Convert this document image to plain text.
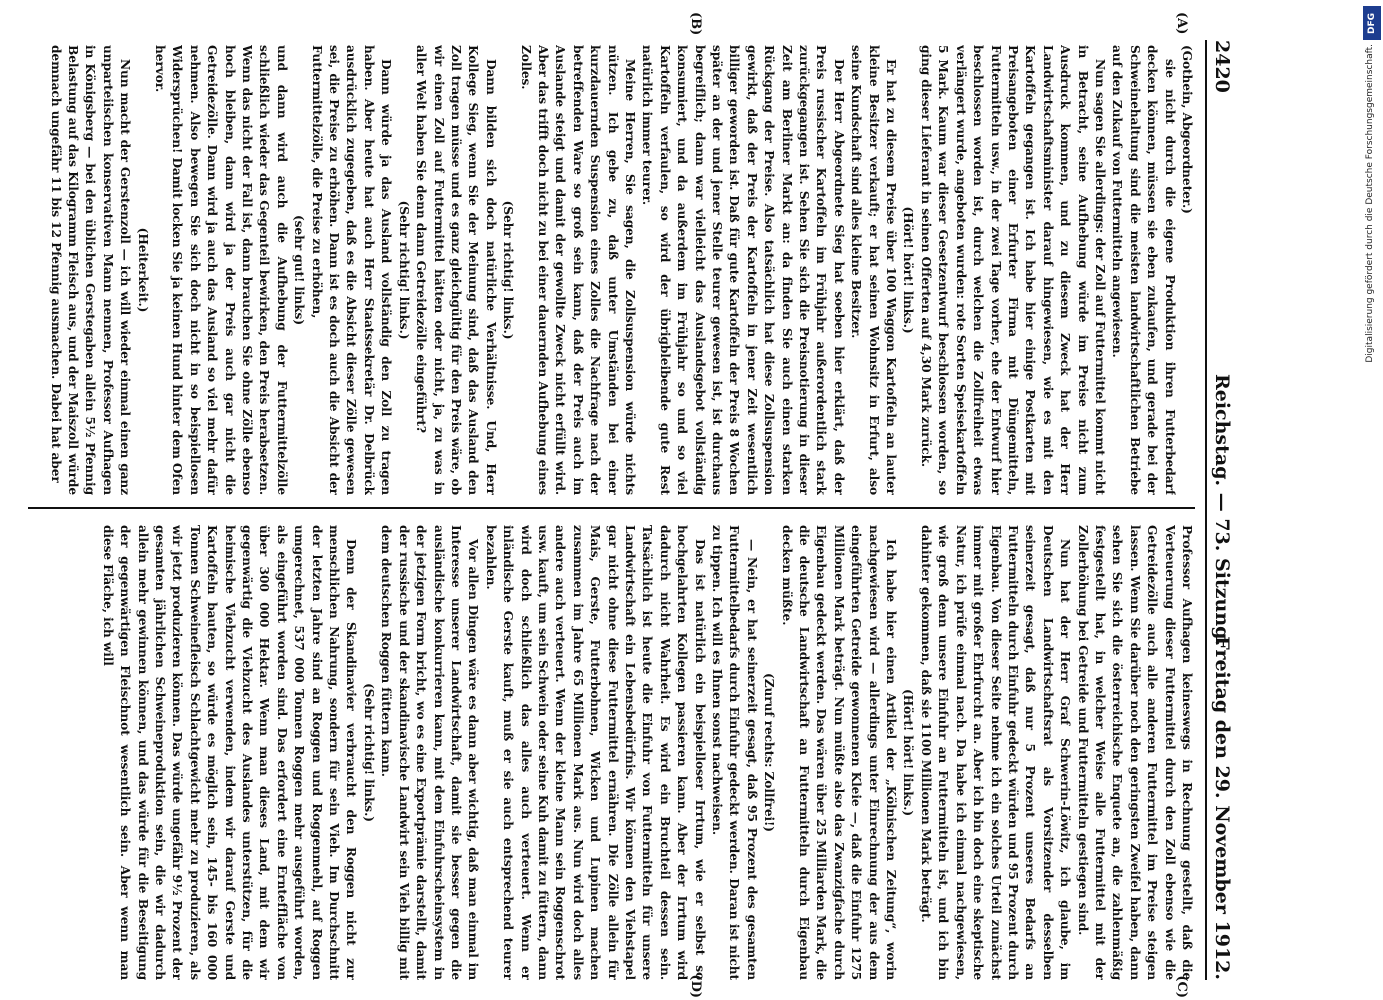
2420
Reichstag. — 73. Sitzung.
Freitag den 29. November 1912.
(A)
(B)
(C)
(D)

(Gothein, Abgeordneter.)

sie nicht durch die eigene Produktion ihren Futterbedarf decken können, müssen sie eben zukaufen, und gerade bei der Schweinehaltung sind die meisten landwirtschaftlichen Betriebe auf den Zukauf von Futtermitteln angewiesen.

Nun sagen Sie allerdings: der Zoll auf Futtermittel kommt nicht in Betracht, seine Aufhebung würde im Preise nicht zum Ausdruck kommen, und zu diesem Zweck hat der Herr Landwirtschaftsminister darauf hingewiesen, wie es mit den Kartoffeln gegangen ist. Ich habe hier einige Postkarten mit Preisangeboten einer Erfurter Firma mit Düngemitteln, Futtermitteln usw., in der zwei Tage vorher, ehe der Entwurf hier beschlossen worden ist, durch welchen die Zollfreiheit etwas verlängert wurde, angeboten wurden: rote Sorten Speisekartoffeln 5 Mark. Kaum war dieser Gesetzentwurf beschlossen worden, so ging dieser Lieferant in seinen Offerten auf 4,30 Mark zurück.

(Hört! hört! links.)

Er hat zu diesem Preise über 100 Waggon Kartoffeln an lauter kleine Besitzer verkauft; er hat seinen Wohnsitz in Erfurt, also seine Kundschaft sind alles kleine Besitzer.

Der Herr Abgeordnete Sieg hat soeben hier erklärt, daß der Preis russischer Kartoffeln im Frühjahr außerordentlich stark zurückgegangen ist. Sehen Sie sich die Preisnotierung in dieser Zeit am Berliner Markt an: da finden Sie auch einen starken Rückgang der Preise. Also tatsächlich hat diese Zollsuspension gewirkt, daß der Preis der Kartoffeln in jener Zeit wesentlich billiger geworden ist. Daß für gute Kartoffeln der Preis 8 Wochen später an der und jener Stelle teurer gewesen ist, ist durchaus begreiflich; dann war vielleicht das Auslandsgebot vollständig konsumiert, und da außerdem im Frühjahr so und so viel Kartoffeln verfaulen, so wird der übrigbleibende gute Rest natürlich immer teurer.

Meine Herren, Sie sagen, die Zollsuspension würde nichts nützen. Ich gebe zu, daß unter Umständen bei einer kurzdauernden Suspension eines Zolles die Nachfrage nach der betreffenden Ware so groß sein kann, daß der Preis auch im Auslande steigt und damit der gewollte Zweck nicht erfüllt wird. Aber das trifft doch nicht zu bei einer dauernden Aufhebung eines Zolles.

(Sehr richtig! links.)

Dann bilden sich doch natürliche Verhältnisse. Und, Herr Kollege Sieg, wenn Sie der Meinung sind, daß das Ausland den Zoll tragen müsse und es ganz gleichgültig für den Preis wäre, ob wir einen Zoll auf Futtermittel hätten oder nicht, ja, zu was in aller Welt haben Sie denn dann Getreidezölle eingeführt?

(Sehr richtig! links.)

Dann würde ja das Ausland vollständig den Zoll zu tragen haben. Aber heute hat auch Herr Staatssekretär Dr. Delbrück ausdrücklich zugegeben, daß es die Absicht dieser Zölle gewesen sei, die Preise zu erhöhen. Dann ist es doch auch die Absicht der Futtermittelzölle, die Preise zu erhöhen,

(sehr gut! links)

und dann wird auch die Aufhebung der Futtermittelzölle schließlich wieder das Gegenteil bewirken, den Preis herabsetzen. Wenn das nicht der Fall ist, dann brauchen Sie ohne Zölle ebenso hoch bleiben, dann wird ja der Preis auch gar nicht die Getreidezölle. Dann wird ja auch das Ausland so viel mehr dafür nehmen. Also bewegen Sie sich doch nicht in so beispiellosen Widersprüchen! Damit locken Sie ja keinen Hund hinter dem Ofen hervor.

(Heiterkeit.)

Nun macht der Gerstenzoll — ich will wieder einmal einen ganz unparteiischen konservativen Mann nennen, Professor Aufhagen in Königsberg — bei den üblichen Gerstegaben allein 5½ Pfennig Belastung auf das Kilogramm Fleisch aus, und der Maiszoll würde demnach ungefähr 11 bis 12 Pfennig ausmachen. Dabei hat aber

Professor Aufhagen keineswegs in Rechnung gestellt, daß die Verteuerung dieser Futtermittel durch den Zoll ebenso wie die Getreidezölle auch alle anderen Futtermittel im Preise steigen lassen. Wenn Sie darüber noch den geringsten Zweifel haben, dann sehen Sie sich die österreichische Enquete an, die zahlenmäßig festgestellt hat, in welcher Weise alle Futtermittel mit der Zollerhöhung bei Getreide und Futtermitteln gestiegen sind.

Nun hat der Herr Graf Schwerin-Löwitz, ich glaube, im Deutschen Landwirtschaftsrat als Vorsitzender desselben seinerzeit gesagt, daß nur 5 Prozent unseres Bedarfs an Futtermitteln durch Einfuhr gedeckt würden und 95 Prozent durch Eigenbau. Von dieser Seite nehme ich ein solches Urteil zunächst immer mit großer Ehrfurcht an. Aber ich bin doch eine skeptische Natur, ich prüfe einmal nach. Da habe ich einmal nachgewiesen, wie groß denn unsere Einfuhr an Futtermitteln ist, und ich bin dahinter gekommen, daß sie 1100 Millionen Mark beträgt.

(Hört! hört! links.)

Ich habe hier einen Artikel der „Kölnischen Zeitung“, worin nachgewiesen wird — allerdings unter Einrechnung der aus dem eingeführten Getreide gewonnenen Kleie —, daß die Einfuhr 1275 Millionen Mark beträgt. Nun müßte also das Zwanzigfache durch Eigenbau gedeckt werden. Das wären über 25 Milliarden Mark, die die deutsche Landwirtschaft an Futtermitteln durch Eigenbau decken müßte.

(Zuruf rechts: Zollfrei!)

— Nein, er hat seinerzeit gesagt, daß 95 Prozent des gesamten Futtermittelbedarfs durch Einfuhr gedeckt werden. Daran ist nicht zu tippen. Ich will es Ihnen sonst nachweisen.

Das ist natürlich ein beispielloser Irrtum, wie er selbst so hochgelahrten Kollegen passieren kann. Aber der Irrtum wird dadurch nicht Wahrheit. Es wird ein Bruchteil dessen sein. Tatsächlich ist heute die Einfuhr von Futtermitteln für unsere Landwirtschaft ein Lebensbedürfnis. Wir können den Viehstapel gar nicht ohne diese Futtermittel ernähren. Die Zölle allein für Mais, Gerste, Futterbohnen, Wicken und Lupinen machen zusammen im Jahre 65 Millionen Mark aus. Nun wird doch alles andere auch verteuert. Wenn der kleine Mann sein Roggenschrot usw. kauft, um sein Schwein oder seine Kuh damit zu füttern, dann wird doch schließlich das alles auch verteuert. Wenn er inländische Gerste kauft, muß er sie auch entsprechend teurer bezahlen.

Vor allen Dingen wäre es dann aber wichtig, daß man einmal im Interesse unserer Landwirtschaft, damit sie besser gegen die ausländische konkurrieren kann, mit dem Einfuhrscheinsystem in der jetzigen Form bricht, wo es eine Exportprämie darstellt, damit der russische und der skandinavische Landwirt sein Vieh billig mit dem deutschen Roggen füttern kann.

(Sehr richtig! links.)

Denn der Skandinavier verbraucht den Roggen nicht zur menschlichen Nahrung, sondern für sein Vieh. Im Durchschnitt der letzten Jahre sind an Roggen und Roggenmehl, auf Roggen umgerechnet, 537 000 Tonnen Roggen mehr ausgeführt worden, als eingeführt worden sind. Das erfordert eine Ernteffläche von über 300 000 Hektar. Wenn man dieses Land, mit dem wir gegenwärtig die Viehzucht des Auslandes unterstützen, für die heimische Viehzucht verwenden, indem wir darauf Gerste und Kartoffeln bauten, so würde es möglich sein, 145- bis 160 000 Tonnen Schweinefleisch Schlachtgewicht mehr zu produzieren, als wir jetzt produzieren können. Das würde ungefähr 9½ Prozent der gesamten jährlichen Schweineproduktion sein, die wir dadurch allein mehr gewinnen können, und das würde für die Beseitigung der gegenwärtigen Fleischnot wesentlich sein. Aber wenn man diese Fläche, ich will

DFG
Digitalisierung gefördert durch die Deutsche Forschungsgemeinschaft.
